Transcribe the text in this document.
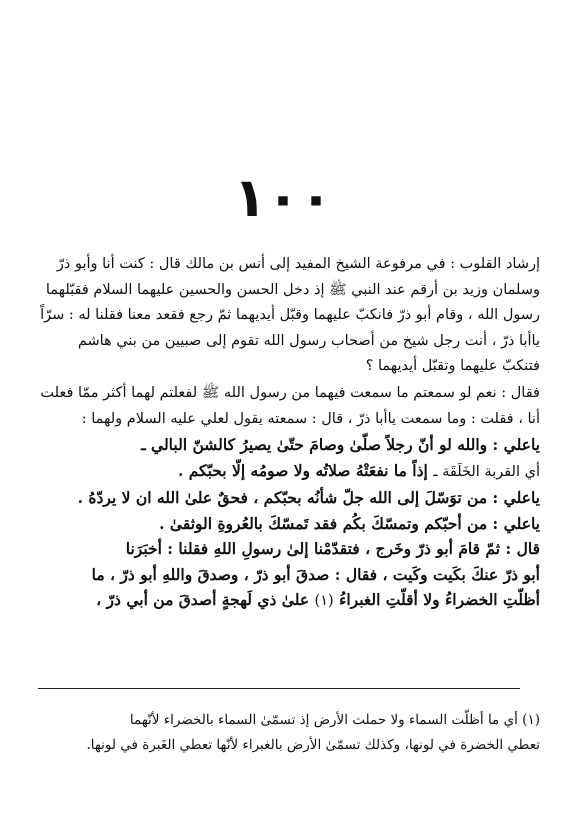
١٠٠
إرشاد القلوب : في مرفوعة الشيخ المفيد إلى أنس بن مالك قال : كنت أنا وأبو ذرّ
وسلمان وزيد بن أرقم عند النبي ﷺ إذ دخل الحسن والحسين عليهما السلام فقبّلهما
رسول الله ، وقام أبو ذرّ فانكبّ عليهما وقبّل أيديهما ثمّ رجع فقعد معنا فقلنا له : سرّاً
ياأبا ذرّ ، أنت رجل شيخ من أصحاب رسول الله تقوم إلى صبيين من بني هاشم
فتنكبّ عليهما وتقبّل أيديهما ؟
فقال : نعم لو سمعتم ما سمعت فيهما من رسول الله ﷺ لفعلتم لهما أكثر ممّا فعلت
أنا ، فقلت : وما سمعت ياأبا ذرّ ، قال : سمعته يقول لعلي عليه السلام ولهما :
ياعلي : والله لو أنّ رجلاً صلّىٰ وصامَ حتّىٰ يصيرُ كالشنّ البالي ـ
أي القربة الخَلَقَة ـ إذاً ما نفعَتْهُ صلاتُه ولا صومُه إلّا بحبّكم .
ياعلي : من توَسّلَ إلى الله جلّ شأنُه بحبّكم ، فحقٌ علىٰ الله ان لا يردّهُ .
ياعلي : من أحبّكم وتمسّكَ بكُم فقد تَمسّكَ بالعُروةِ الوثقىٰ .
قال : ثمّ قامَ أبو ذرّ وخَرج ، فتقدّمْنا إلىٰ رسولِ اللهِ فقلنا : أخبَرَنا
أبو ذرّ عنكَ بكَيت وكَيت ، فقال : صدقَ أبو ذرّ ، وصدقَ واللهِ أبو ذرّ ، ما
أظلّتِ الخضراءُ ولا أقلّتِ الغبراءُ (١) علىٰ ذي لَهجةٍ أصدقَ من أبي ذرّ ،
(١) أي ما أظلّت السماء ولا حملت الأرض إذ تسمّىٰ السماء بالخضراء لأنّهما
تعطي الخضرة في لونها، وكذلك تسمّىٰ الأرض بالغبراء لأنّها تعطي الغَبرة في لونها.
